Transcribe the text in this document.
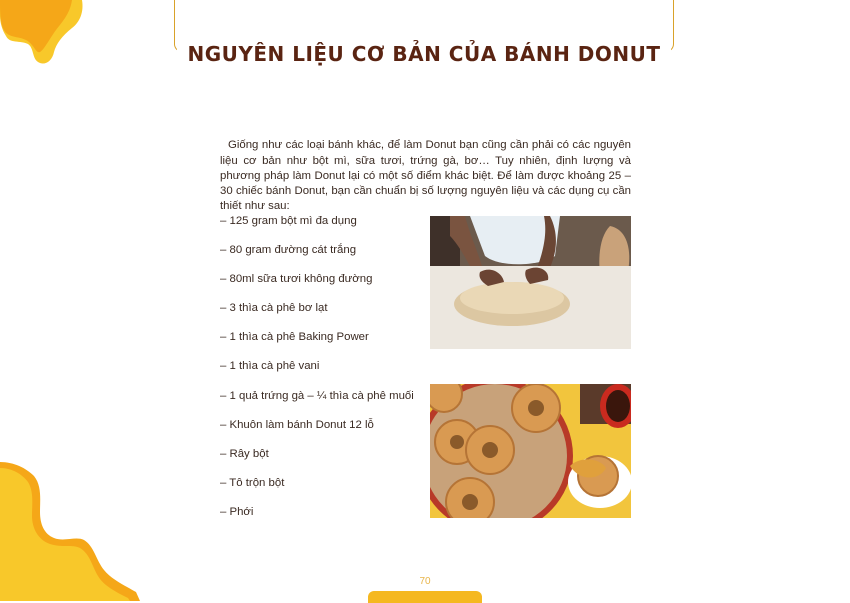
NGUYÊN LIỆU CƠ BẢN CỦA BÁNH DONUT

Giống như các loại bánh khác, để làm Donut bạn cũng cần phải có các nguyên liệu cơ bản như bột mì, sữa tươi, trứng gà, bơ… Tuy nhiên, định lượng và phương pháp làm Donut lại có một số điểm khác biệt. Để làm được khoảng 25 – 30 chiếc bánh Donut, bạn cần chuẩn bị số lượng nguyên liệu và các dụng cụ cần thiết như sau:

– 125 gram bột mì đa dụng
– 80 gram đường cát trắng
– 80ml sữa tươi không đường
– 3 thìa cà phê bơ lạt
– 1 thìa cà phê Baking Power
– 1 thìa cà phê vani
– 1 quả trứng gà – ¼ thìa cà phê muối
– Khuôn làm bánh Donut 12 lỗ
– Rây bột
– Tô trộn bột
– Phới
70
